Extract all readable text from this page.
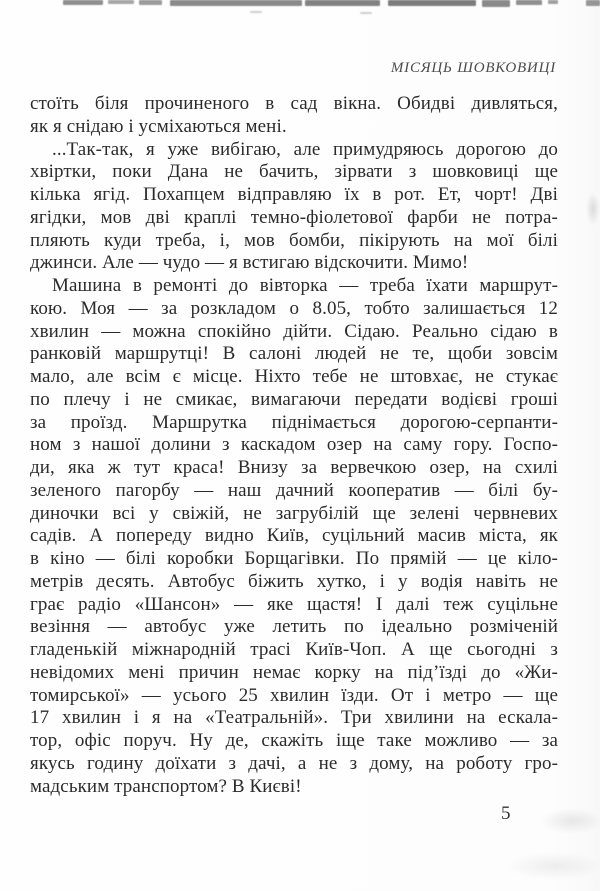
МІСЯЦЬ ШОВКОВИЦІ
стоїть біля прочиненого в сад вікна. Обидві дивляться,
як я снідаю і усміхаються мені.
...Так-так, я уже вибігаю, але примудряюсь дорогою до
хвіртки, поки Дана не бачить, зірвати з шовковиці ще
кілька ягід. Похапцем відправляю їх в рот. Ет, чорт! Дві
ягідки, мов дві краплі темно-фіолетової фарби не потра-
пляють куди треба, і, мов бомби, пікірують на мої білі
джинси. Але — чудо — я встигаю відскочити. Мимо!
Машина в ремонті до вівторка — треба їхати маршрут-
кою. Моя — за розкладом о 8.05, тобто залишається 12
хвилин — можна спокійно дійти. Сідаю. Реально сідаю в
ранковій маршрутці! В салоні людей не те, щоби зовсім
мало, але всім є місце. Ніхто тебе не штовхає, не стукає
по плечу і не смикає, вимагаючи передати водієві гроші
за проїзд. Маршрутка піднімається дорогою-серпанти-
ном з нашої долини з каскадом озер на саму гору. Госпо-
ди, яка ж тут краса! Внизу за вервечкою озер, на схилі
зеленого пагорбу — наш дачний кооператив — білі бу-
диночки всі у свіжій, не загрубілій ще зелені червневих
садів. А попереду видно Київ, суцільний масив міста, як
в кіно — білі коробки Борщагівки. По прямій — це кіло-
метрів десять. Автобус біжить хутко, і у водія навіть не
грає радіо «Шансон» — яке щастя! І далі теж суцільне
везіння — автобус уже летить по ідеально розміченій
гладенькій міжнародній трасі Київ-Чоп. А ще сьогодні з
невідомих мені причин немає корку на під’їзді до «Жи-
томирської» — усього 25 хвилин їзди. От і метро — ще
17 хвилин і я на «Театральній». Три хвилини на ескала-
тор, офіс поруч. Ну де, скажіть іще таке можливо — за
якусь годину доїхати з дачі, а не з дому, на роботу гро-
мадським транспортом? В Києві!
5
